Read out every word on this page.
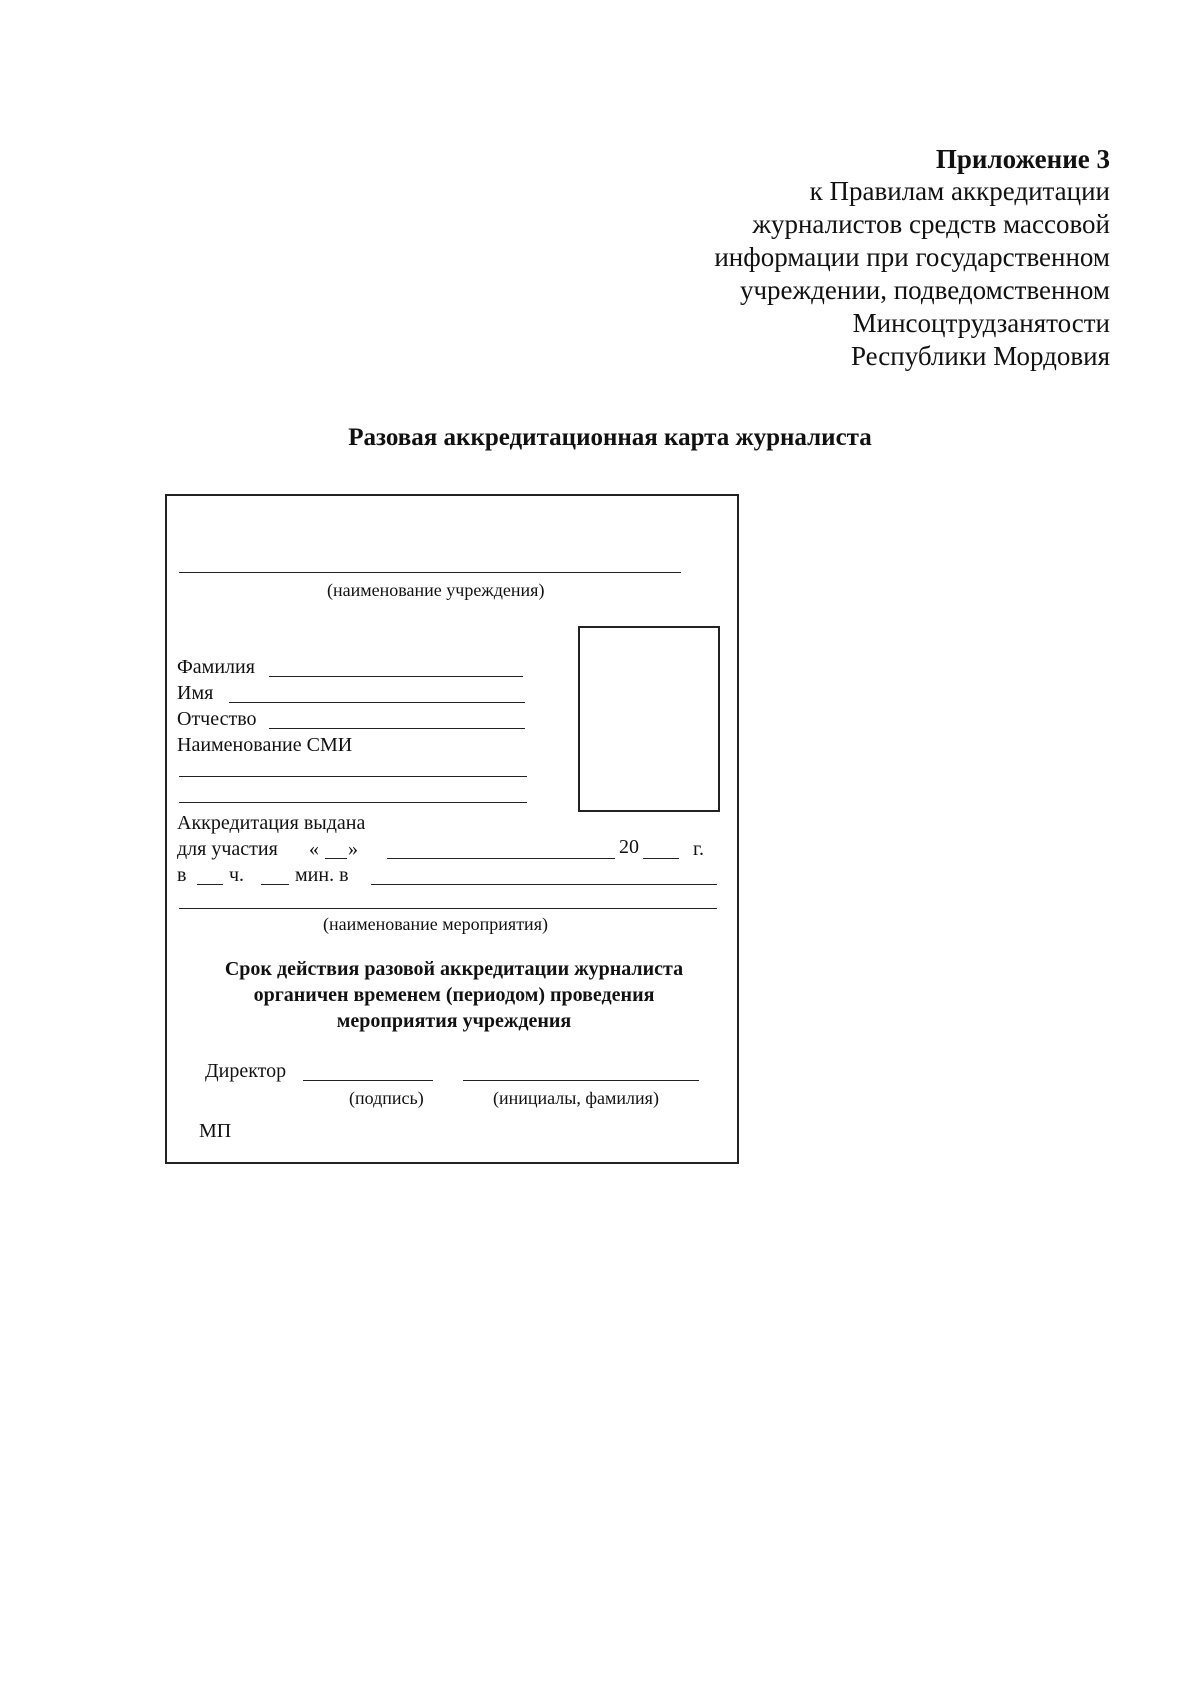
Приложение 3
к Правилам аккредитации
журналистов средств массовой
информации при государственном
учреждении, подведомственном
Минсоцтрудзанятости
Республики Мордовия
Разовая аккредитационная карта журналиста
(наименование учреждения)
Фамилия
Имя
Отчество
Наименование СМИ
Аккредитация выдана
для участия « »	20	г.
в ч.	мин. в
(наименование мероприятия)
Срок действия разовой аккредитации журналиста
органичен временем (периодом) проведения
мероприятия учреждения
Директор
(подпись)	(инициалы, фамилия)
МП
